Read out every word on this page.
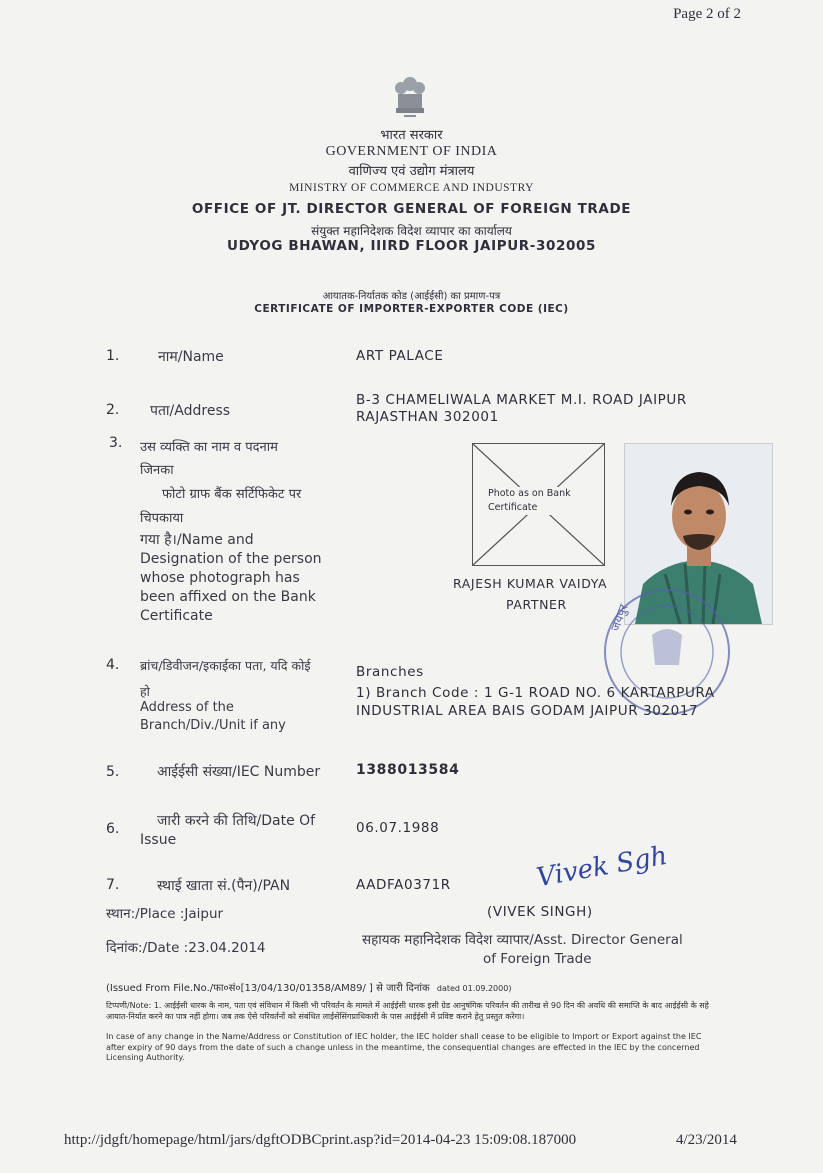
Page 2 of 2
भारत सरकार
GOVERNMENT OF INDIA
वाणिज्य एवं उद्योग मंत्रालय
MINISTRY OF COMMERCE AND INDUSTRY
OFFICE OF JT. DIRECTOR GENERAL OF FOREIGN TRADE
संयुक्त महानिदेशक विदेश व्यापार का कार्यालय
UDYOG BHAWAN, IIIRD FLOOR JAIPUR-302005
आयातक-निर्यातक कोड (आईईसी) का प्रमाण-पत्र
CERTIFICATE OF IMPORTER-EXPORTER CODE (IEC)
1.	नाम/Name	ART PALACE
2. पता/Address
B-3 CHAMELIWALA MARKET M.I. ROAD JAIPUR
RAJASTHAN 302001
3. उस व्यक्ति का नाम व पदनाम
जिनका
फोटो ग्राफ बैंक सर्टिफिकेट पर
चिपकाया
गया है।/Name and
Designation of the person
whose photograph has
been affixed on the Bank
Certificate
Photo as on Bank
Certificate
RAJESH KUMAR VAIDYA
PARTNER	जयपुर
4. ब्रांच/डिवीजन/इकाईका पता, यदि कोई
हो
Address of the
Branch/Div./Unit if any
Branches
1) Branch Code : 1 G-1 ROAD NO. 6 KARTARPURA
INDUSTRIAL AREA BAIS GODAM JAIPUR 302017
5.	आईईसी संख्या/IEC Number	1388013584
6.	जारी करने की तिथि/Date Of
Issue
06.07.1988
7.	स्थाई खाता सं.(पैन)/PAN	AADFA0371R	Vivek Sgh
स्थान:/Place :Jaipur	(VIVEK SINGH)
दिनांक:/Date :23.04.2014	सहायक महानिदेशक विदेश व्यापार/Asst. Director General
of Foreign Trade
(Issued From File.No./फा०सं०[13/04/130/01358/AM89/ ] से जारी दिनांक dated 01.09.2000)
टिप्पणी/Note: 1. आईईसी धारक के नाम, पता एवं संविधान में किसी भी परिवर्तन के मामले में आईईसी धारक इसी ग्रेड आनुषंगिक परिवर्तन की तारीख से 90 दिन की अवधि की समाप्ति के बाद आईईसी के सहे आयात-निर्यात करने का पात्र नहीं होगा। जब तक ऐसे परिवर्तनों को संबंधित लाईसेंसिंगप्राधिकारी के पास आईईसी में प्रविष्ट कराने हेतु प्रस्तुत करेगा।
In case of any change in the Name/Address or Constitution of IEC holder, the IEC holder shall cease to be eligible to Import or Export against the IEC after expiry of 90 days from the date of such a change unless in the meantime, the consequential changes are effected in the IEC by the concerned Licensing Authority.
http://jdgft/homepage/html/jars/dgftODBCprint.asp?id=2014-04-23 15:09:08.187000	4/23/2014
